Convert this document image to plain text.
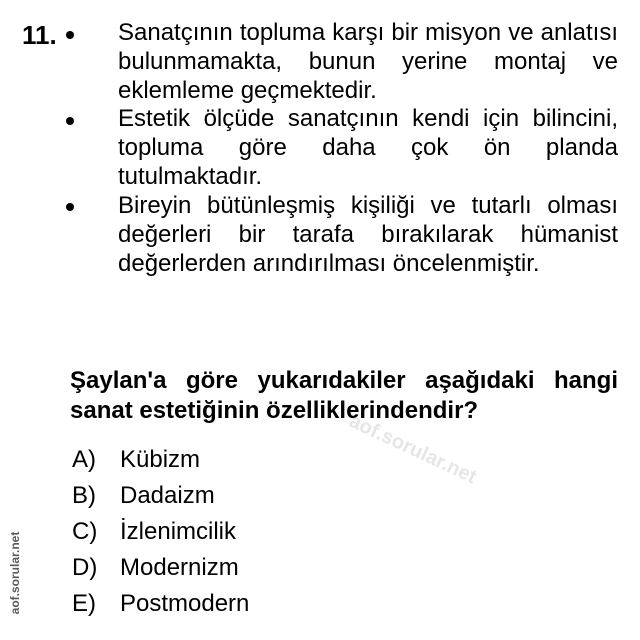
aof.sorular.net
11.	Sanatçının topluma karşı bir misyon ve anlatısı bulunmamakta, bunun yerine montaj ve eklemleme geçmektedir.
Estetik ölçüde sanatçının kendi için bilincini, topluma göre daha çok ön planda tutulmaktadır.
Bireyin bütünleşmiş kişiliği ve tutarlı olması değerleri bir tarafa bırakılarak hümanist değerlerden arındırılması öncelenmiştir.
Şaylan'a göre yukarıdakiler aşağıdaki hangi sanat estetiğinin özelliklerindendir?
A) Kübizm
B) Dadaizm
C) İzlenimcilik
D) Modernizm
E) Postmodern
aof.sorular.net
